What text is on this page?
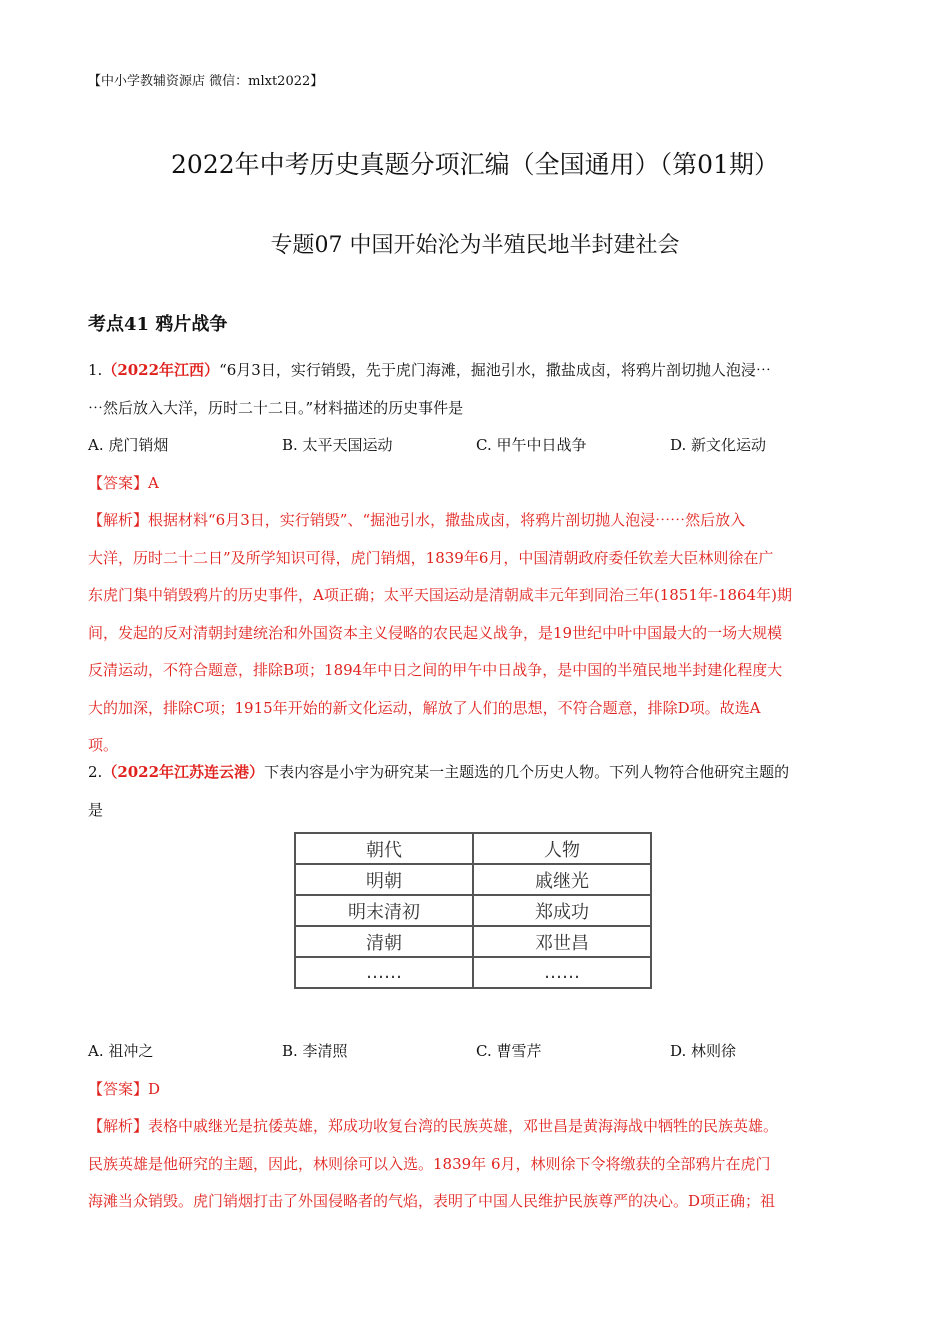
【中小学教辅资源店 微信：mlxt2022】
2022年中考历史真题分项汇编（全国通用）（第01期）
专题07 中国开始沦为半殖民地半封建社会
考点41 鸦片战争
1.（2022年江西）“6月3日，实行销毁，先于虎门海滩，掘池引水，撒盐成卤，将鸦片剖切抛人泡浸⋯
⋯然后放入大洋，历时二十二日。”材料描述的历史事件是
A. 虎门销烟	B. 太平天国运动	C. 甲午中日战争	D. 新文化运动
【答案】A
【解析】根据材料“6月3日，实行销毁”、“掘池引水，撒盐成卤，将鸦片剖切抛人泡浸⋯⋯然后放入
大洋，历时二十二日”及所学知识可得，虎门销烟，1839年6月，中国清朝政府委任钦差大臣林则徐在广
东虎门集中销毁鸦片的历史事件，A项正确；太平天国运动是清朝咸丰元年到同治三年(1851年-1864年)期
间，发起的反对清朝封建统治和外国资本主义侵略的农民起义战争，是19世纪中叶中国最大的一场大规模
反清运动，不符合题意，排除B项；1894年中日之间的甲午中日战争，是中国的半殖民地半封建化程度大
大的加深，排除C项；1915年开始的新文化运动，解放了人们的思想，不符合题意，排除D项。故选A
项。
2.（2022年江苏连云港）下表内容是小宇为研究某一主题选的几个历史人物。下列人物符合他研究主题的
是
朝代	人物
明朝	戚继光
明末清初	郑成功
清朝	邓世昌
……	……
A. 祖冲之	B. 李清照	C. 曹雪芹	D. 林则徐
【答案】D
【解析】表格中戚继光是抗倭英雄，郑成功收复台湾的民族英雄，邓世昌是黄海海战中牺牲的民族英雄。
民族英雄是他研究的主题，因此，林则徐可以入选。1839年 6月，林则徐下令将缴获的全部鸦片在虎门
海滩当众销毁。虎门销烟打击了外国侵略者的气焰，表明了中国人民维护民族尊严的决心。D项正确；祖
